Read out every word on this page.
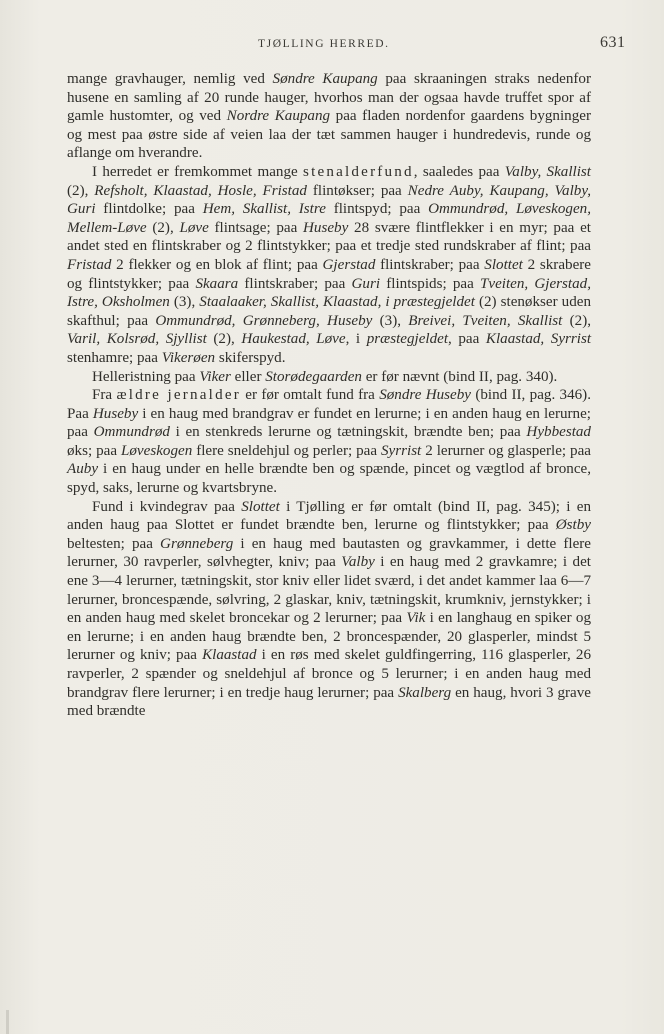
TJØLLING HERRED.	631

mange gravhauger, nemlig ved Søndre Kaupang paa skraaningen straks nedenfor husene en samling af 20 runde hauger, hvorhos man der ogsaa havde truffet spor af gamle hustomter, og ved Nordre Kaupang paa fladen nordenfor gaardens bygninger og mest paa østre side af veien laa der tæt sammen hauger i hundredevis, runde og aflange om hverandre.

I herredet er fremkommet mange stenalderfund, saaledes paa Valby, Skallist (2), Refsholt, Klaastad, Hosle, Fristad flintøkser; paa Nedre Auby, Kaupang, Valby, Guri flintdolke; paa Hem, Skallist, Istre flintspyd; paa Ommundrød, Løveskogen, Mellem-Løve (2), Løve flintsage; paa Huseby 28 svære flintflekker i en myr; paa et andet sted en flintskraber og 2 flintstykker; paa et tredje sted rundskraber af flint; paa Fristad 2 flekker og en blok af flint; paa Gjerstad flintskraber; paa Slottet 2 skrabere og flintstykker; paa Skaara flintskraber; paa Guri flintspids; paa Tveiten, Gjerstad, Istre, Oksholmen (3), Staalaaker, Skallist, Klaastad, i præstegjeldet (2) stenøkser uden skafthul; paa Ommundrød, Grønneberg, Huseby (3), Breivei, Tveiten, Skallist (2), Varil, Kolsrød, Sjyllist (2), Haukestad, Løve, i præstegjeldet, paa Klaastad, Syrrist stenhamre; paa Vikerøen skiferspyd.

Helleristning paa Viker eller Storødegaarden er før nævnt (bind II, pag. 340).

Fra ældre jernalder er før omtalt fund fra Søndre Huseby (bind II, pag. 346). Paa Huseby i en haug med brandgrav er fundet en lerurne; i en anden haug en lerurne; paa Ommundrød i en stenkreds lerurne og tætningskit, brændte ben; paa Hybbestad øks; paa Løveskogen flere sneldehjul og perler; paa Syrrist 2 lerurner og glasperle; paa Auby i en haug under en helle brændte ben og spænde, pincet og vægtlod af bronce, spyd, saks, lerurne og kvartsbryne.

Fund i kvindegrav paa Slottet i Tjølling er før omtalt (bind II, pag. 345); i en anden haug paa Slottet er fundet brændte ben, lerurne og flintstykker; paa Østby beltesten; paa Grønneberg i en haug med bautasten og gravkammer, i dette flere lerurner, 30 ravperler, sølvhegter, kniv; paa Valby i en haug med 2 gravkamre; i det ene 3—4 lerurner, tætningskit, stor kniv eller lidet sværd, i det andet kammer laa 6—7 lerurner, broncespænde, sølvring, 2 glaskar, kniv, tætningskit, krumkniv, jernstykker; i en anden haug med skelet broncekar og 2 lerurner; paa Vik i en langhaug en spiker og en lerurne; i en anden haug brændte ben, 2 broncespænder, 20 glasperler, mindst 5 lerurner og kniv; paa Klaastad i en røs med skelet guldfingerring, 116 glasperler, 26 ravperler, 2 spænder og sneldehjul af bronce og 5 lerurner; i en anden haug med brandgrav flere lerurner; i en tredje haug lerurner; paa Skalberg en haug, hvori 3 grave med brændte
